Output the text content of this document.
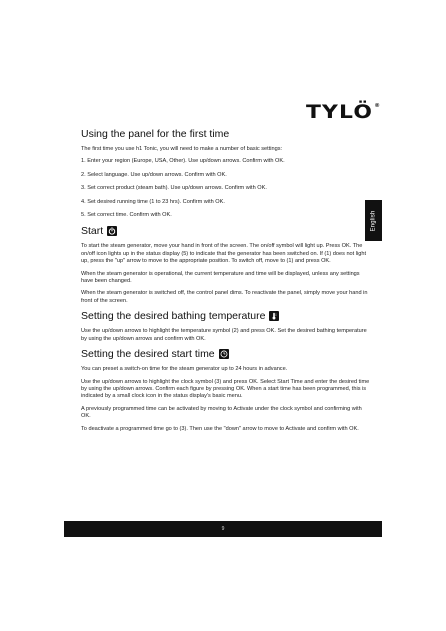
TYLÖ®
English
Using the panel for the first time

The first time you use h1 Tonic, you will need to make a number of basic settings:

1. Enter your region (Europe, USA, Other). Use up/down arrows. Confirm with OK.
2. Select language. Use up/down arrows. Confirm with OK.
3. Set correct product (steam bath). Use up/down arrows. Confirm with OK.
4. Set desired running time (1 to 23 hrs). Confirm with OK.
5. Set correct time. Confirm with OK.
Start

To start the steam generator, move your hand in front of the screen. The on/off symbol will light up. Press OK. The on/off icon lights up in the status display (5) to indicate that the generator has been switched on. If (1) does not light up, press the "up" arrow to move to the appropriate position. To switch off, move to (1) and press OK.

When the steam generator is operational, the current temperature and time will be displayed, unless any settings have been changed.

When the steam generator is switched off, the control panel dims. To reactivate the panel, simply move your hand in front of the screen.

Setting the desired bathing temperature

Use the up/down arrows to highlight the temperature symbol (2) and press OK. Set the desired bathing temperature by using the up/down arrows and confirm with OK.

Setting the desired start time

You can preset a switch-on time for the steam generator up to 24 hours in advance.

Use the up/down arrows to highlight the clock symbol (3) and press OK. Select Start Time and enter the desired time by using the up/down arrows. Confirm each figure by pressing OK. When a start time has been programmed, this is indicated by a small clock icon in the status display's basic menu.

A previously programmed time can be activated by moving to Activate under the clock symbol and confirming with OK.

To deactivate a programmed time go to (3). Then use the "down" arrow to move to Activate and confirm with OK.

9
